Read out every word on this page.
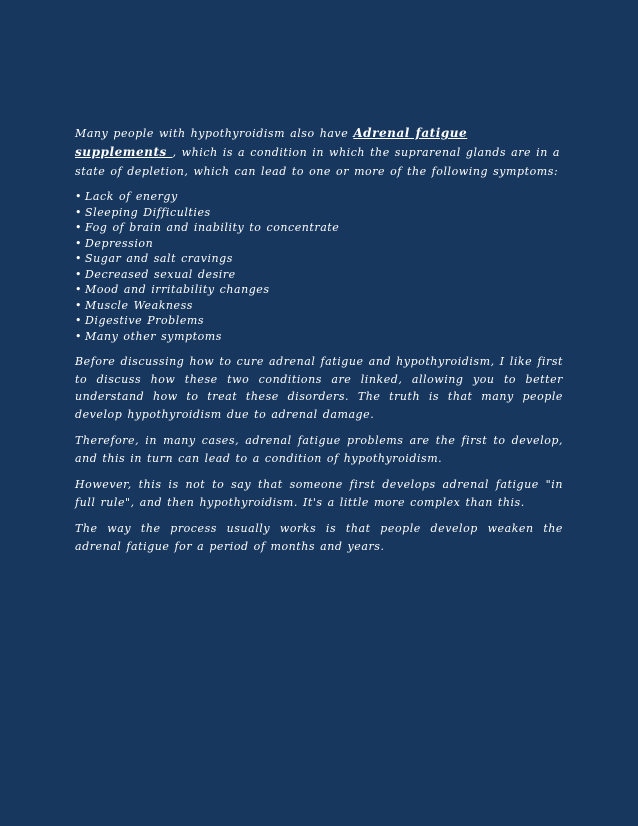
Many people with hypothyroidism also have Adrenal fatigue supplements , which is a condition in which the suprarenal glands are in a state of depletion, which can lead to one or more of the following symptoms:

• Lack of energy
• Sleeping Difficulties
• Fog of brain and inability to concentrate
• Depression
• Sugar and salt cravings
• Decreased sexual desire
• Mood and irritability changes
• Muscle Weakness
• Digestive Problems
• Many other symptoms

Before discussing how to cure adrenal fatigue and hypothyroidism, I like first to discuss how these two conditions are linked, allowing you to better understand how to treat these disorders. The truth is that many people develop hypothyroidism due to adrenal damage.

Therefore, in many cases, adrenal fatigue problems are the first to develop, and this in turn can lead to a condition of hypothyroidism.

However, this is not to say that someone first develops adrenal fatigue "in full rule", and then hypothyroidism. It's a little more complex than this.

The way the process usually works is that people develop weaken the adrenal fatigue for a period of months and years.
